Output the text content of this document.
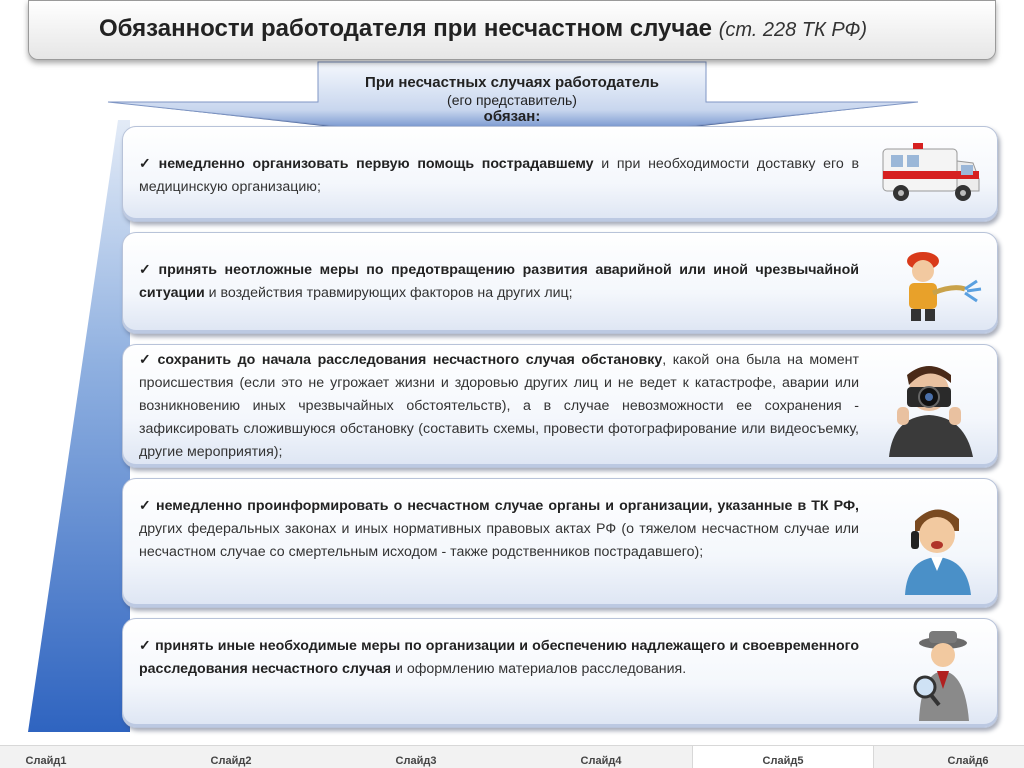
Обязанности работодателя при несчастном случае (ст. 228 ТК РФ)
При несчастных случаях работодатель
(его представитель)
обязан:
✓ немедленно организовать первую помощь пострадавшему и при необходимости доставку его в медицинскую организацию;
✓ принять неотложные меры по предотвращению развития аварийной или иной чрезвычайной ситуации и воздействия травмирующих факторов на других лиц;
✓ сохранить до начала расследования несчастного случая обстановку, какой она была на момент происшествия (если это не угрожает жизни и здоровью других лиц и не ведет к катастрофе, аварии или возникновению иных чрезвычайных обстоятельств), а в случае невозможности ее сохранения - зафиксировать сложившуюся обстановку (составить схемы, провести фотографирование или видеосъемку, другие мероприятия);
✓ немедленно проинформировать о несчастном случае органы и организации, указанные в ТК РФ, других федеральных законах и иных нормативных правовых актах РФ (о тяжелом несчастном случае или несчастном случае со смертельным исходом - также родственников пострадавшего);
✓ принять иные необходимые меры по организации и обеспечению надлежащего и своевременного расследования несчастного случая и оформлению материалов расследования.
Слайд1	Слайд2	Слайд3	Слайд4	Слайд5	Слайд6
